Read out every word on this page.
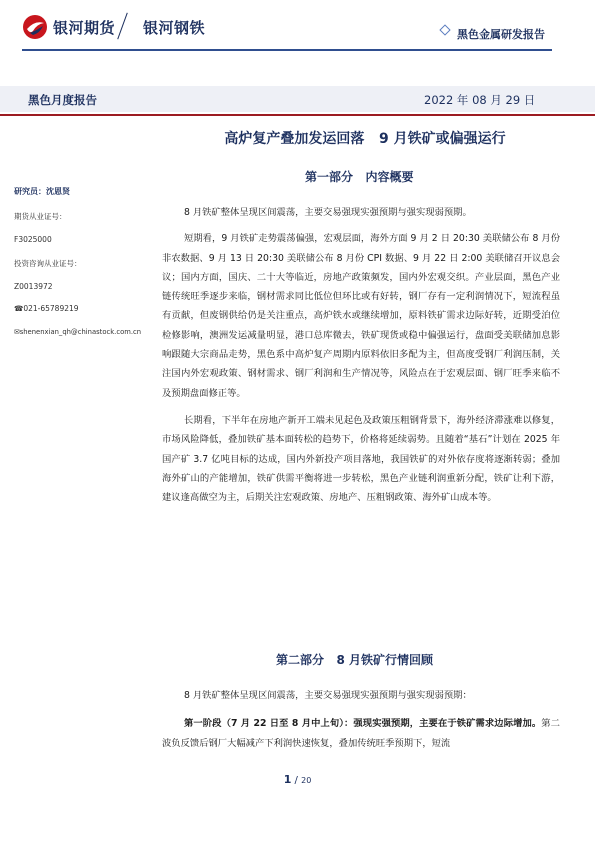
银河期货 银河钢铁	黑色金属研发报告
黑色月度报告	2022 年 08 月 29 日
高炉复产叠加发运回落   9 月铁矿或偏强运行
研究员：沈恩贤
期货从业证号：
F3025000
投资咨询从业证号：
Z0013972
☎021-65789219
✉shenenxian_qh@chinastock.com.cn
第一部分   内容概要

8 月铁矿整体呈现区间震荡，主要交易强现实强预期与强实现弱预期。

短期看，9 月铁矿走势震荡偏强，宏观层面，海外方面 9 月 2 日 20:30 美联储公布 8 月份非农数据、9 月 13 日 20:30 美联储公布 8 月份 CPI 数据、9 月 22 日 2:00 美联储召开议息会议；国内方面，国庆、二十大等临近，房地产政策频发，国内外宏观交织。产业层面，黑色产业链传统旺季逐步来临，钢材需求同比低位但环比或有好转，钢厂存有一定利润情况下，短流程虽有贡献，但废钢供给仍是关注重点，高炉铁水或继续增加，原料铁矿需求边际好转，近期受泊位检修影响，澳洲发运减量明显，港口总库微去，铁矿现货或稳中偏强运行，盘面受美联储加息影响跟随大宗商品走势，黑色系中高炉复产周期内原料依旧多配为主，但高度受钢厂利润压制，关注国内外宏观政策、钢材需求、钢厂利润和生产情况等，风险点在于宏观层面、钢厂旺季来临不及预期盘面修正等。

长期看，下半年在房地产新开工端未见起色及政策压粗钢背景下，海外经济滞涨难以修复，市场风险降低，叠加铁矿基本面转松的趋势下，价格将延续弱势。且随着“基石”计划在 2025 年国产矿 3.7 亿吨目标的达成，国内外新投产项目落地，我国铁矿的对外依存度将逐渐转弱；叠加海外矿山的产能增加，铁矿供需平衡将进一步转松，黑色产业链利润重新分配，铁矿让利下游，建议逢高做空为主，后期关注宏观政策、房地产、压粗钢政策、海外矿山成本等。

第二部分   8 月铁矿行情回顾

8 月铁矿整体呈现区间震荡，主要交易强现实强预期与强实现弱预期：

第一阶段（7 月 22 日至 8 月中上旬）：强现实强预期，主要在于铁矿需求边际增加。第二波负反馈后钢厂大幅减产下利润快速恢复，叠加传统旺季预期下，短流

1 / 20
